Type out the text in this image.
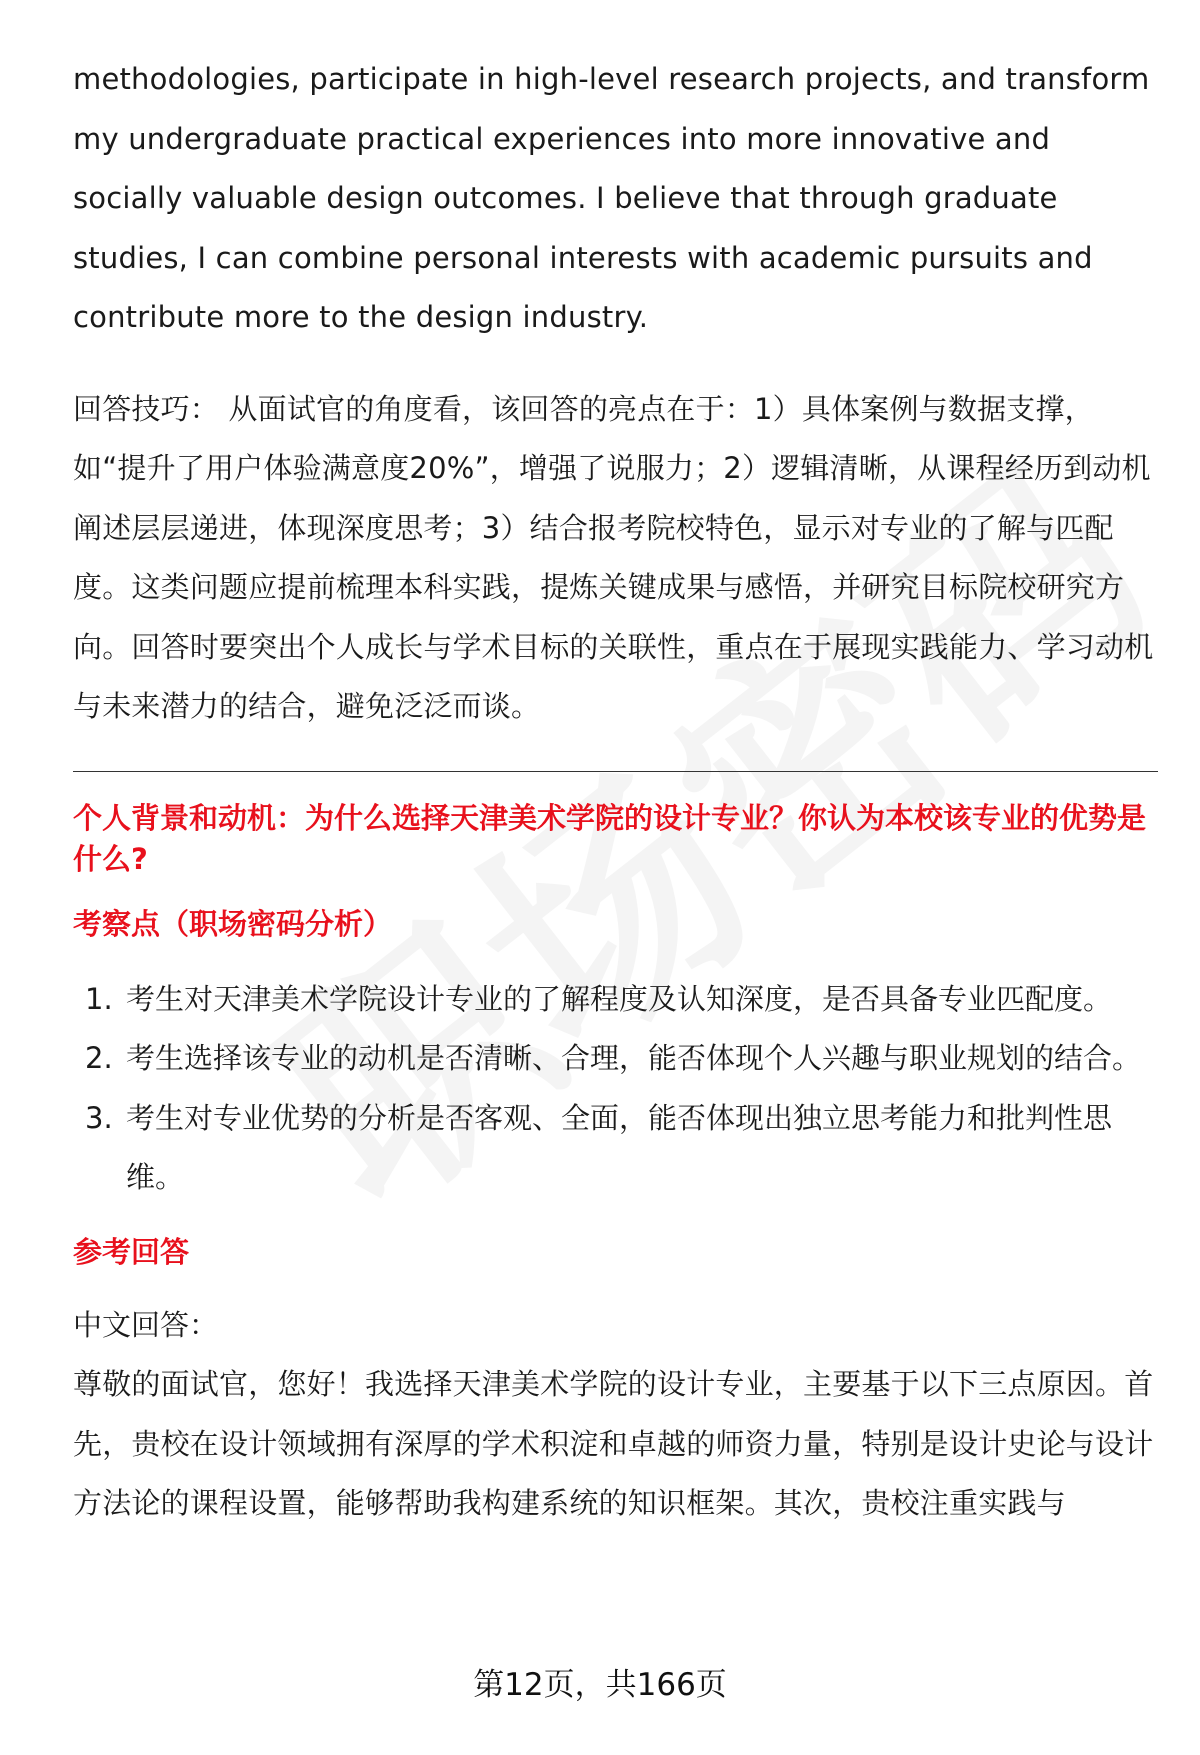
methodologies, participate in high-level research projects, and transform my undergraduate practical experiences into more innovative and socially valuable design outcomes. I believe that through graduate studies, I can combine personal interests with academic pursuits and contribute more to the design industry.

回答技巧： 从面试官的角度看，该回答的亮点在于：1）具体案例与数据支撑，如“提升了用户体验满意度20%”，增强了说服力；2）逻辑清晰，从课程经历到动机阐述层层递进，体现深度思考；3）结合报考院校特色，显示对专业的了解与匹配度。这类问题应提前梳理本科实践，提炼关键成果与感悟，并研究目标院校研究方向。回答时要突出个人成长与学术目标的关联性，重点在于展现实践能力、学习动机与未来潜力的结合，避免泛泛而谈。

个人背景和动机：为什么选择天津美术学院的设计专业？你认为本校该专业的优势是什么?
考察点（职场密码分析）
1. 考生对天津美术学院设计专业的了解程度及认知深度，是否具备专业匹配度。
2. 考生选择该专业的动机是否清晰、合理，能否体现个人兴趣与职业规划的结合。
3. 考生对专业优势的分析是否客观、全面，能否体现出独立思考能力和批判性思维。
参考回答

中文回答：

尊敬的面试官，您好！我选择天津美术学院的设计专业，主要基于以下三点原因。首先，贵校在设计领域拥有深厚的学术积淀和卓越的师资力量，特别是设计史论与设计方法论的课程设置，能够帮助我构建系统的知识框架。其次，贵校注重实践与

第12页，共166页
